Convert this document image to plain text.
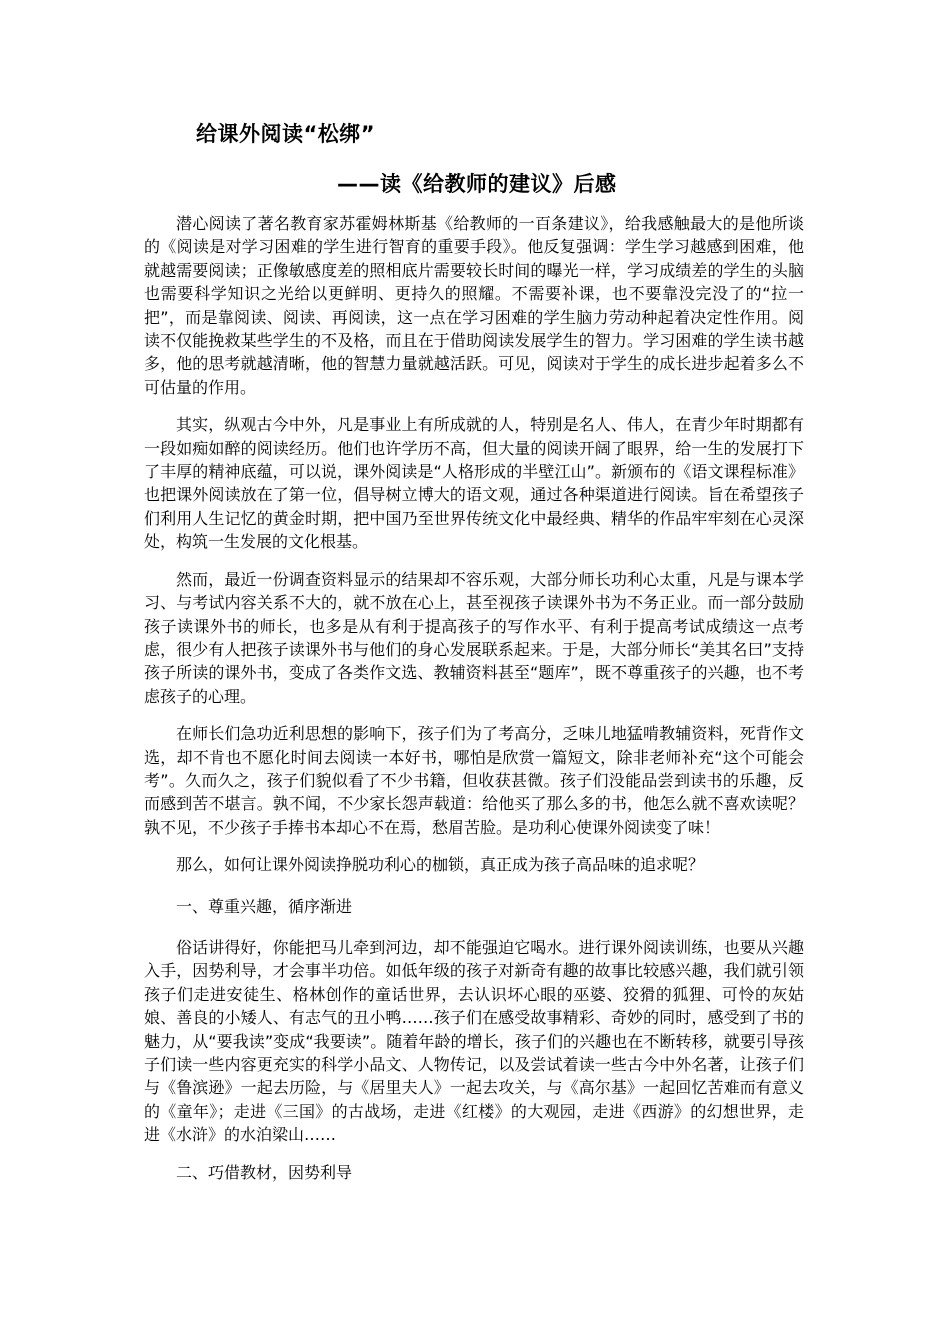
给课外阅读“松绑”
——读《给教师的建议》后感

潜心阅读了著名教育家苏霍姆林斯基《给教师的一百条建议》，给我感触最大的是他所谈的《阅读是对学习困难的学生进行智育的重要手段》。他反复强调：学生学习越感到困难，他就越需要阅读；正像敏感度差的照相底片需要较长时间的曝光一样，学习成绩差的学生的头脑也需要科学知识之光给以更鲜明、更持久的照耀。不需要补课，也不要靠没完没了的“拉一把”，而是靠阅读、阅读、再阅读，这一点在学习困难的学生脑力劳动种起着决定性作用。阅读不仅能挽救某些学生的不及格，而且在于借助阅读发展学生的智力。学习困难的学生读书越多，他的思考就越清晰，他的智慧力量就越活跃。可见，阅读对于学生的成长进步起着多么不可估量的作用。

其实，纵观古今中外，凡是事业上有所成就的人，特别是名人、伟人，在青少年时期都有一段如痴如醉的阅读经历。他们也许学历不高，但大量的阅读开阔了眼界，给一生的发展打下了丰厚的精神底蕴，可以说，课外阅读是“人格形成的半壁江山”。新颁布的《语文课程标准》也把课外阅读放在了第一位，倡导树立博大的语文观，通过各种渠道进行阅读。旨在希望孩子们利用人生记忆的黄金时期，把中国乃至世界传统文化中最经典、精华的作品牢牢刻在心灵深处，构筑一生发展的文化根基。

然而，最近一份调查资料显示的结果却不容乐观，大部分师长功利心太重，凡是与课本学习、与考试内容关系不大的，就不放在心上，甚至视孩子读课外书为不务正业。而一部分鼓励孩子读课外书的师长，也多是从有利于提高孩子的写作水平、有利于提高考试成绩这一点考虑，很少有人把孩子读课外书与他们的身心发展联系起来。于是，大部分师长“美其名曰”支持孩子所读的课外书，变成了各类作文选、教辅资料甚至“题库”，既不尊重孩子的兴趣，也不考虑孩子的心理。

在师长们急功近利思想的影响下，孩子们为了考高分，乏味儿地猛啃教辅资料，死背作文选，却不肯也不愿化时间去阅读一本好书，哪怕是欣赏一篇短文，除非老师补充“这个可能会考”。久而久之，孩子们貌似看了不少书籍，但收获甚微。孩子们没能品尝到读书的乐趣，反而感到苦不堪言。孰不闻，不少家长怨声载道：给他买了那么多的书，他怎么就不喜欢读呢？孰不见，不少孩子手捧书本却心不在焉，愁眉苦脸。是功利心使课外阅读变了味！

那么，如何让课外阅读挣脱功利心的枷锁，真正成为孩子高品味的追求呢？

一、尊重兴趣，循序渐进

俗话讲得好，你能把马儿牵到河边，却不能强迫它喝水。进行课外阅读训练，也要从兴趣入手，因势利导，才会事半功倍。如低年级的孩子对新奇有趣的故事比较感兴趣，我们就引领孩子们走进安徒生、格林创作的童话世界，去认识坏心眼的巫婆、狡猾的狐狸、可怜的灰姑娘、善良的小矮人、有志气的丑小鸭……孩子们在感受故事精彩、奇妙的同时，感受到了书的魅力，从“要我读”变成“我要读”。随着年龄的增长，孩子们的兴趣也在不断转移，就要引导孩子们读一些内容更充实的科学小品文、人物传记，以及尝试着读一些古今中外名著，让孩子们与《鲁滨逊》一起去历险，与《居里夫人》一起去攻关，与《高尔基》一起回忆苦难而有意义的《童年》；走进《三国》的古战场，走进《红楼》的大观园，走进《西游》的幻想世界，走进《水浒》的水泊梁山……

二、巧借教材，因势利导
